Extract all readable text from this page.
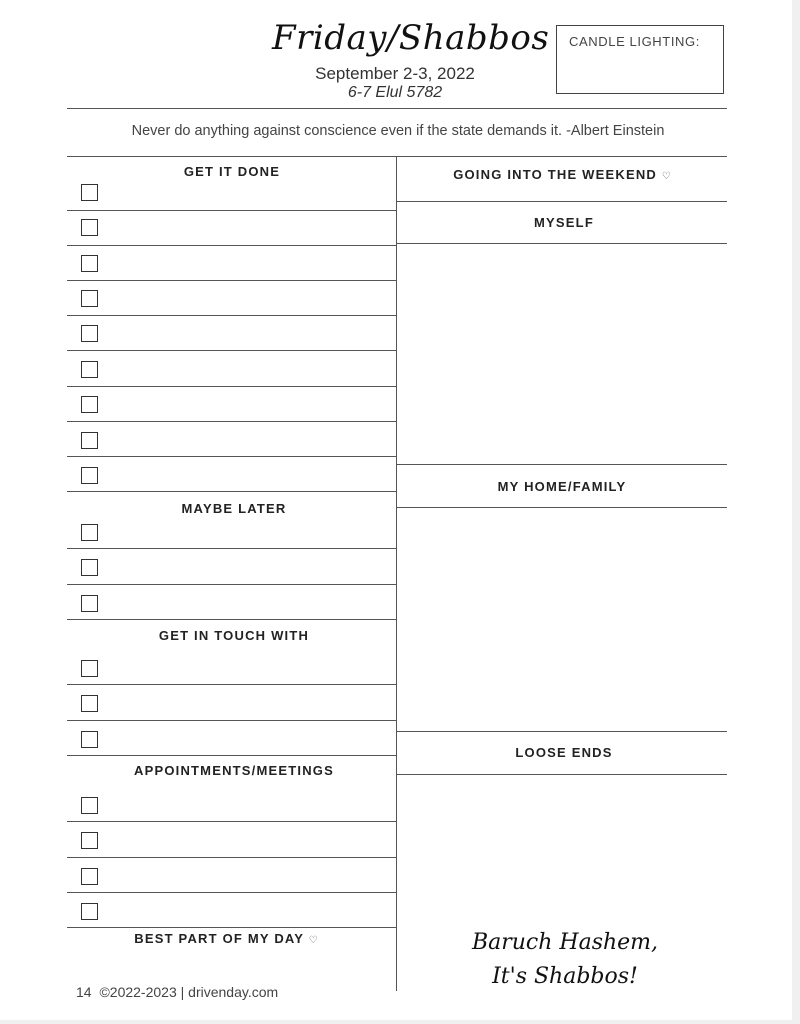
Friday/Shabbos
September 2-3, 2022
6-7 Elul 5782
CANDLE LIGHTING:
Never do anything against conscience even if the state demands it. -Albert Einstein
GET IT DONE
MAYBE LATER
GET IN TOUCH WITH
APPOINTMENTS/MEETINGS
BEST PART OF MY DAY ♡
GOING INTO THE WEEKEND ♡
MYSELF
MY HOME/FAMILY
LOOSE ENDS
Baruch Hashem,
It's Shabbos!
14 ©2022-2023 | drivenday.com
